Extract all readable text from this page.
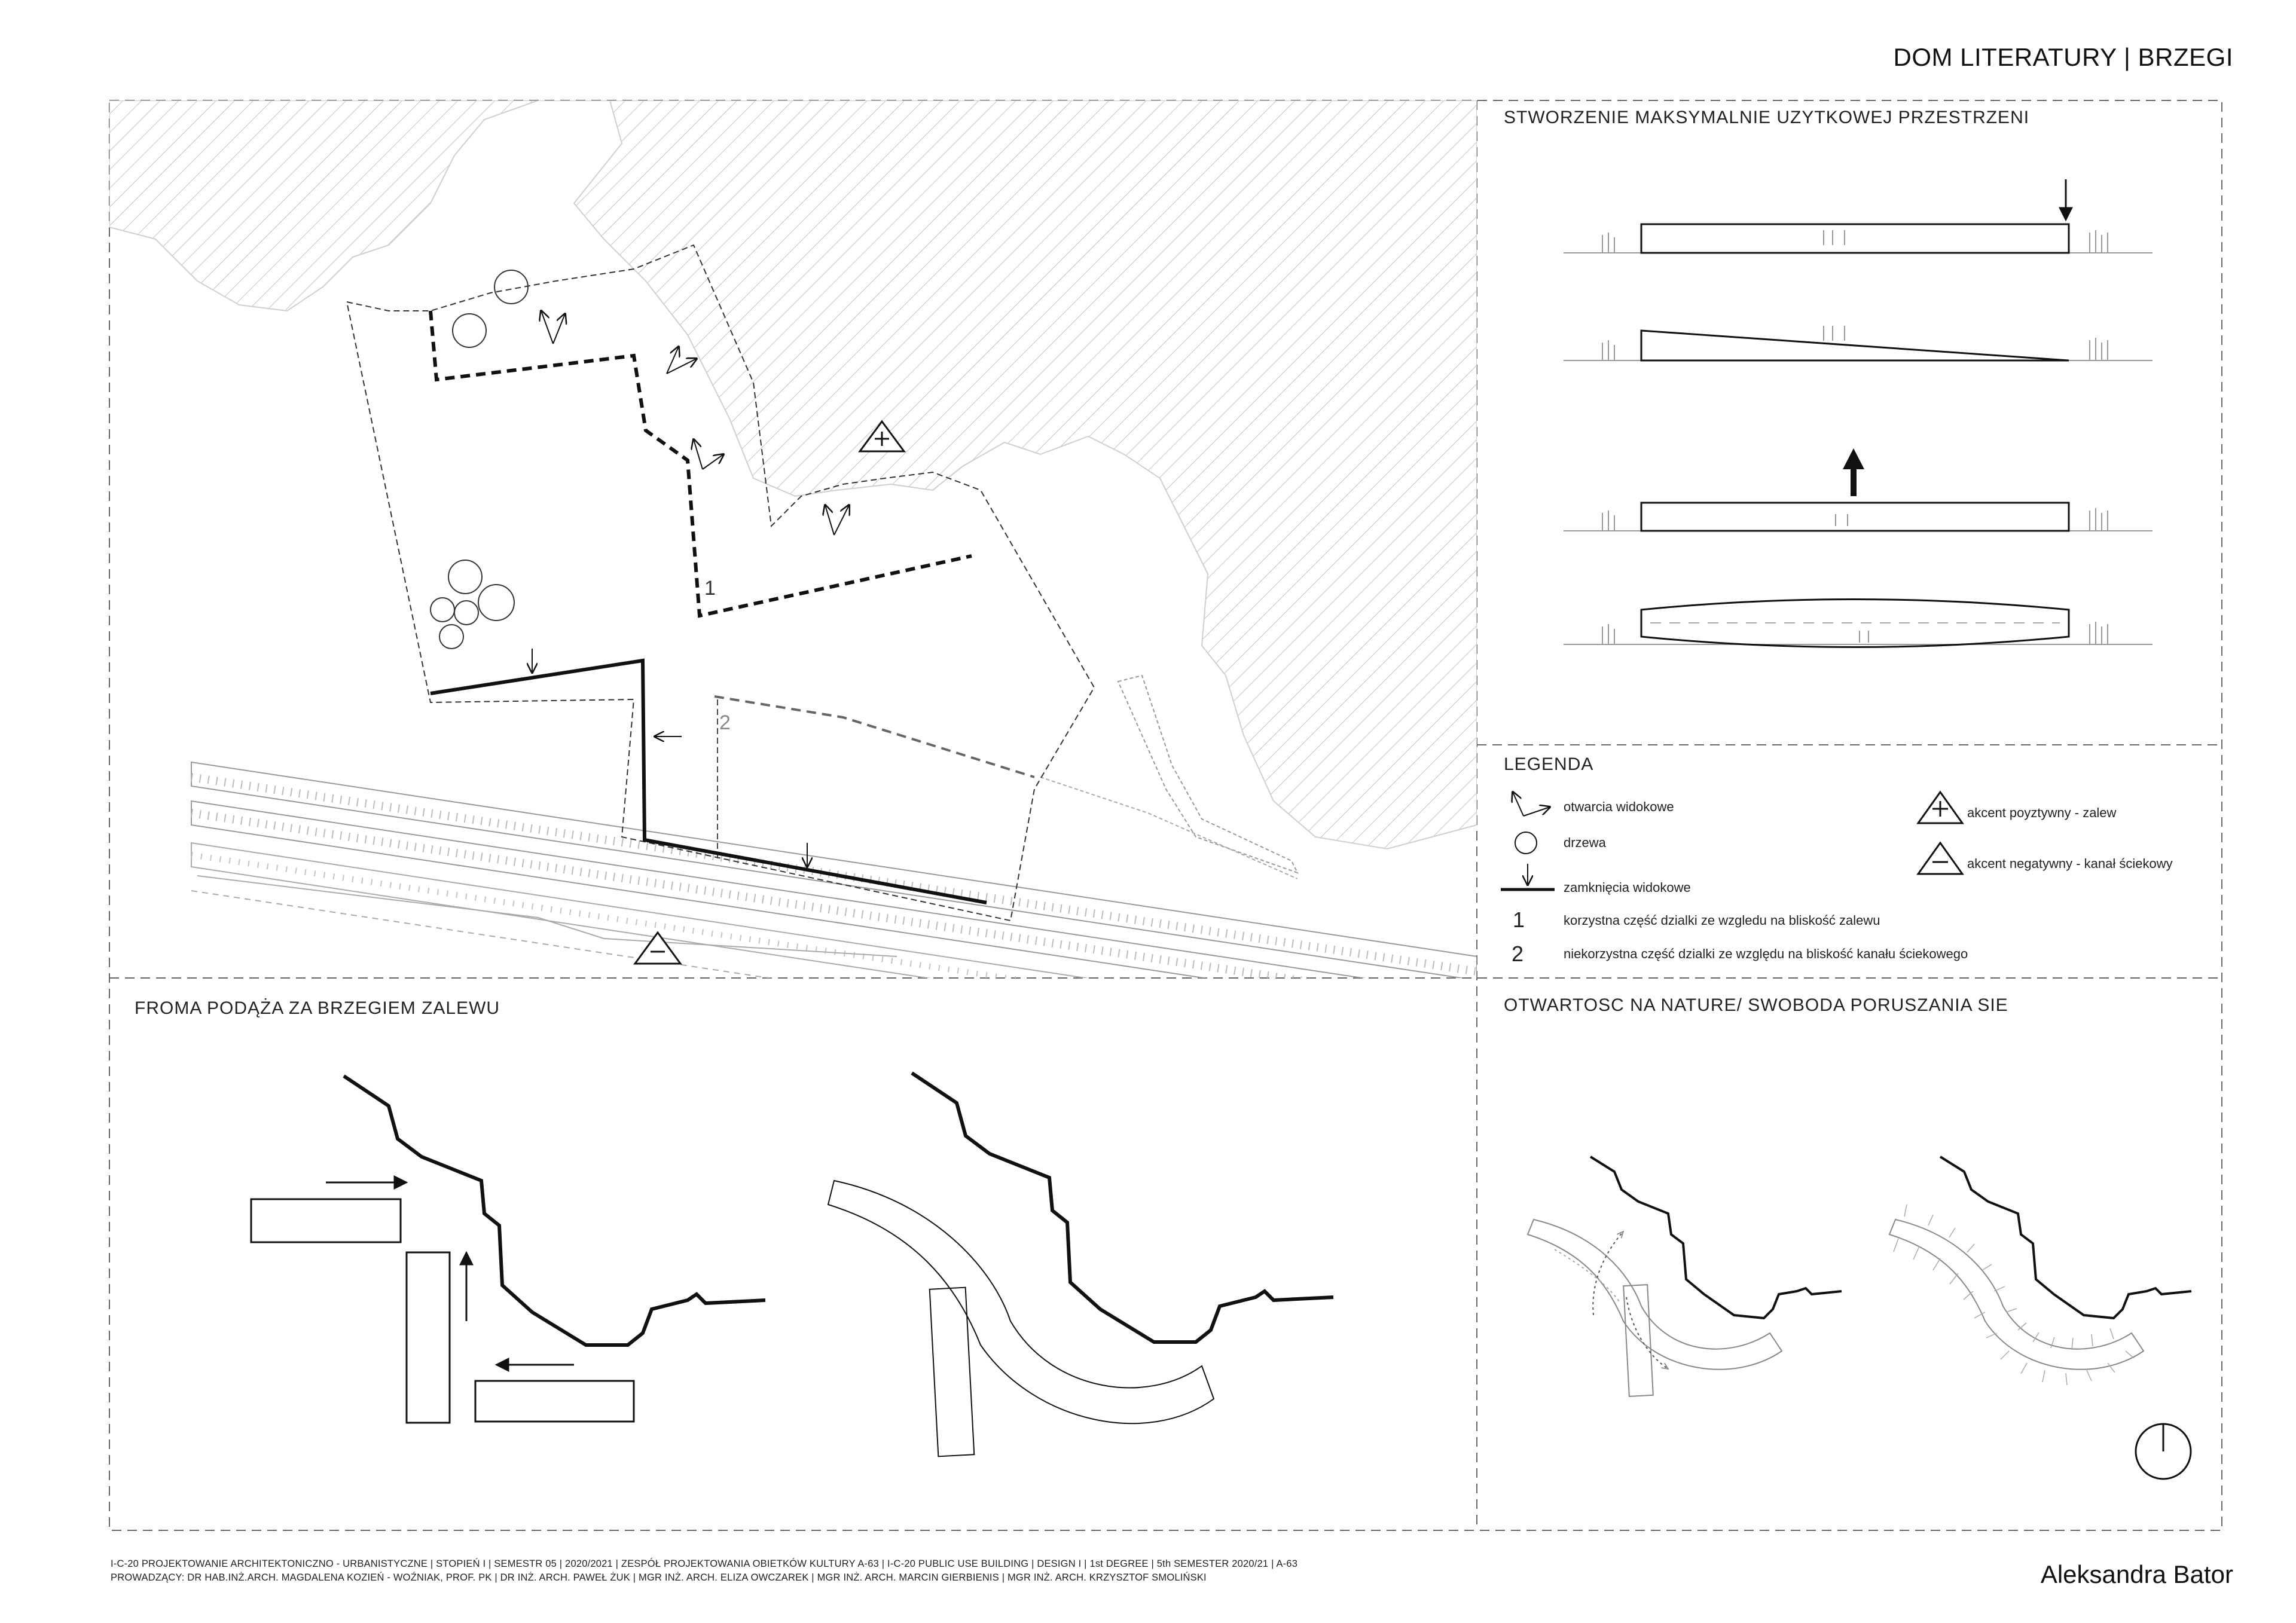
DOM LITERATURY | BRZEGI
STWORZENIE MAKSYMALNIE UZYTKOWEJ PRZESTRZENI
FROMA PODĄŻA ZA BRZEGIEM ZALEWU	OTWARTOSC NA NATURE/ SWOBODA PORUSZANIA SIE
LEGENDA
otwarcia widokowe
drzewa
zamknięcia widokowe
1	korzystna część dzialki ze wzgledu na bliskość zalewu
2	niekorzystna część dzialki ze względu na bliskość kanału ściekowego
akcent poyztywny - zalew
akcent negatywny - kanał ściekowy
1
2
I-C-20 PROJEKTOWANIE ARCHITEKTONICZNO - URBANISTYCZNE | STOPIEŃ I | SEMESTR 05 | 2020/2021 | ZESPÓŁ PROJEKTOWANIA OBIETKÓW KULTURY A-63 | I-C-20 PUBLIC USE BUILDING | DESIGN I | 1st DEGREE | 5th SEMESTER 2020/21 | A-63
PROWADZĄCY: DR HAB.INŻ.ARCH. MAGDALENA KOZIEŃ - WOŹNIAK, PROF. PK | DR INŻ. ARCH. PAWEŁ ŻUK | MGR INŻ. ARCH. ELIZA OWCZAREK | MGR INŻ. ARCH. MARCIN GIERBIENIS | MGR INŻ. ARCH. KRZYSZTOF SMOLIŃSKI	Aleksandra Bator
